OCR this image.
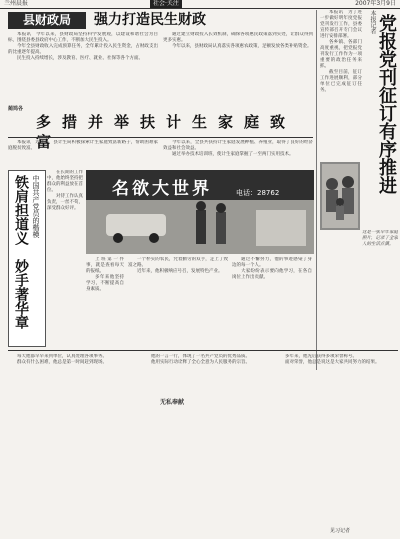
兰州晨报	社会·关注	2007年3月9日
县财政局	强力打造民生财政
本报讯　今年以来，县财政局坚持科学发展观，以建设和谐社会为目标，围绕县委县政府中心工作，不断加大民生投入。
今年全县财政收入完成预算任务，全年累计投入民生资金，占财政支出的比重逐年提高。
民生投入持续增长，涉及教育、医疗、就业、社保等各个方面。
通过建立财政投入长效机制，确保各项惠民政策落到实处，让群众得到更多实惠。
今年以来，县财政局认真落实各项惠农政策，足额发放各类补贴资金。
本报讯　为了进一步做好明年度党报党刊发行工作，县委宣传部召开专门会议进行安排部署。
各乡镇、各部门高度重视，把党报党刊发行工作作为一项重要的政治任务来抓。
截至目前，征订工作进展顺利，部分单位已完成征订任务。
本报记者 党报党刊征订有序推进
这是一张早年家庭照片，记录了全家人的生活点滴。
蔺鸠各
多措并举扶计生家庭致富
本报讯　近年来，县计生局积极探索计生家庭致富新路子，帮助困难家庭脱贫致富。
今年以来，全县共扶持计生家庭发展种植、养殖业，取得了良好的经济效益和社会效益。
通过举办技术培训班，使计生家庭掌握了一至两门实用技术。
名欲大世界	电话：28762
铁肩担道义　妙手著华章 中国共产党员的楷模
在长期的工作中，他始终坚持把群众的利益放在首位。
对待工作认真负责，一丝不苟，深受群众好评。
上班第一件事，就是查看每天的报纸。
多年来他坚持学习，不断提高自身素质。
一个朴实的农民，凭着勤劳的双手，走上了致富之路。
近年来，他积极响应号召，发展特色产业。
通过不懈努力，他的事迹感染了身边的每一个人。
大家纷纷表示要向他学习，在各自岗位上作出贡献。
每天他都早早来到单位，认真处理各项事务。
群众有什么困难，他总是第一时间赶到现场。
无私奉献
他的一言一行，体现了一名共产党员的优秀品质。
他用实际行动诠释了全心全意为人民服务的宗旨。
多年来，他先后获得多项荣誉称号。
面对荣誉，他总是说这是大家共同努力的结果。
见习记者
